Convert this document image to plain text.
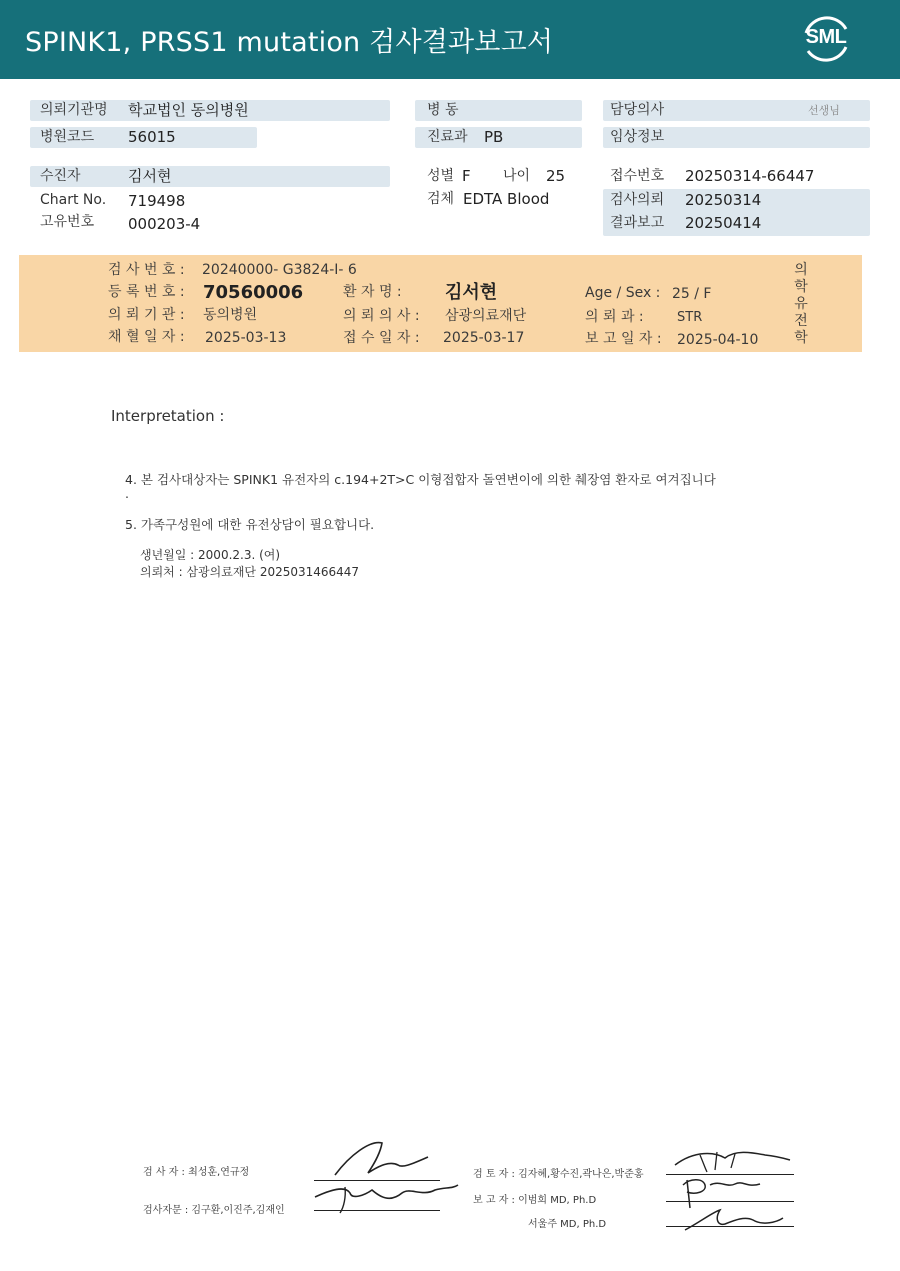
SPINK1, PRSS1 mutation 검사결과보고서	SML
의뢰기관명 학교법인 동의병원
병원코드 56015
수진자	김서현
Chart No. 719498
고유번호 000203-4
병 동
진료과 PB
성별 F 나이 25
검체 EDTA Blood
담당의사	선생님
임상정보
접수번호 20250314-66447
검사의뢰 20250314
결과보고 20250414
검 사 번 호 : 20240000- G3824-I- 6
등 록 번 호 : 70560006
의 뢰 기 관 : 동의병원
채 혈 일 자 : 2025-03-13
환 자 명 : 김서현
의 뢰 의 사 : 삼광의료재단
접 수 일 자 : 2025-03-17
Age / Sex : 25 / F
의 뢰 과 :	STR
보 고 일 자 : 2025-04-10
의
학
유
전
학
Interpretation :
4. 본 검사대상자는 SPINK1 유전자의 c.194+2T>C 이형접합자 돌연변이에 의한 췌장염 환자로 여겨집니다
.
5. 가족구성원에 대한 유전상담이 필요합니다.
생년월일 : 2000.2.3. (여)
의뢰처 : 삼광의료재단 2025031466447
검 사 자 : 최성훈,연규정
검사자문 : 김구환,이진주,김재인
검 토 자 : 김자혜,황수진,곽나은,박준홍
보 고 자 : 이범희 MD, Ph.D
서울주 MD, Ph.D
